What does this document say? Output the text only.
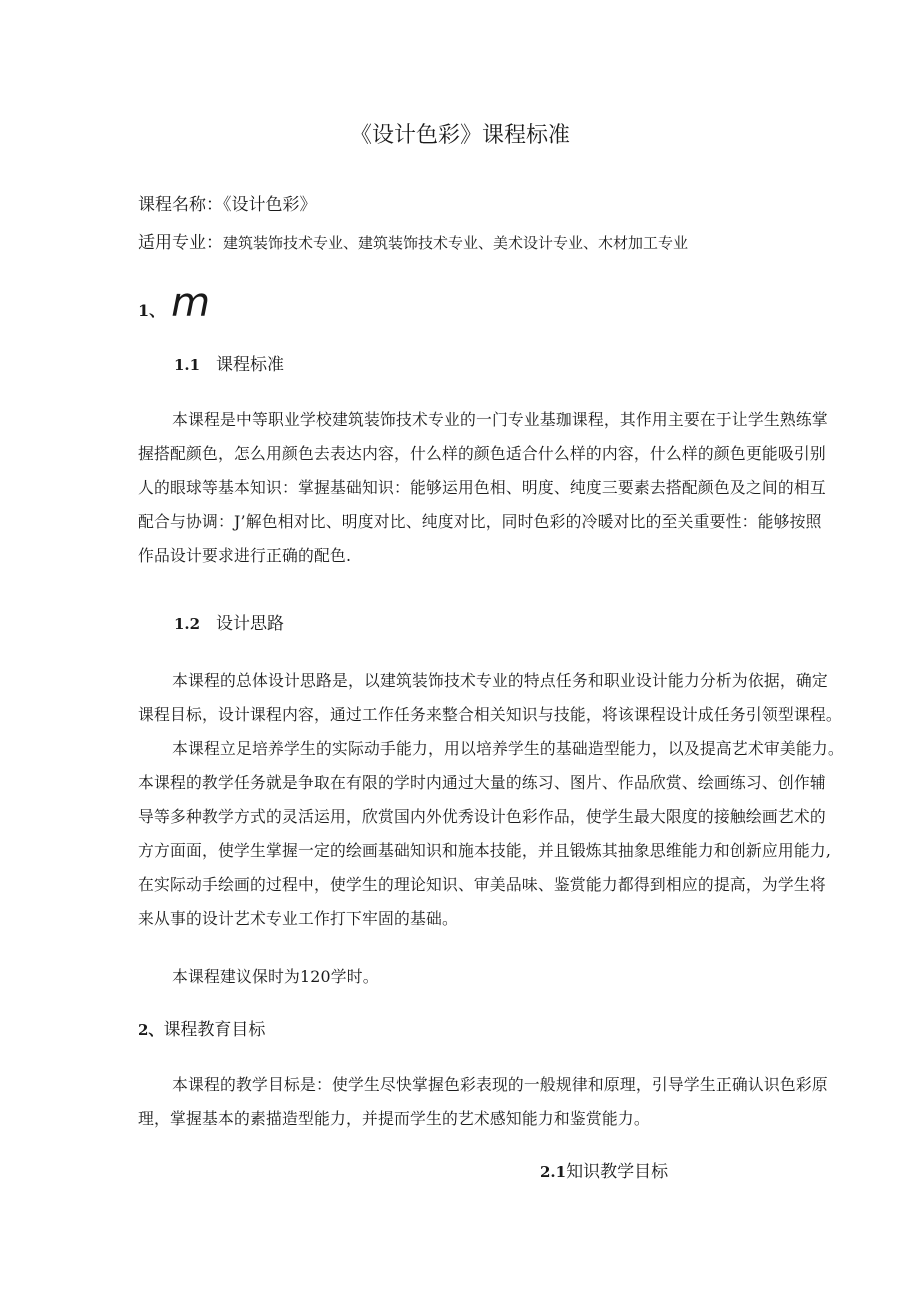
《设计色彩》课程标准
课程名称：《设计色彩》
适用专业：建筑装饰技术专业、建筑装饰技术专业、美术设计专业、木材加工专业
1、 m
1.1 课程标准
本课程是中等职业学校建筑装饰技术专业的一门专业基珈课程，其作用主要在于让学生熟练掌
握搭配颜色，怎么用颜色去表达内容，什么样的颜色适合什么样的内容，什么样的颜色更能吸引别
人的眼球等基本知识：掌握基础知识：能够运用色相、明度、纯度三要素去搭配颜色及之间的相互
配合与协调：J’解色相对比、明度对比、纯度对比，同时色彩的冷暖对比的至关重要性：能够按照
作品设计要求进行正确的配色.
1.2 设计思路
本课程的总体设计思路是，以建筑装饰技术专业的特点任务和职业设计能力分析为依据，确定
课程目标，设计课程内容，通过工作任务来整合相关知识与技能，将该课程设计成任务引领型课程。
本课程立足培养学生的实际动手能力，用以培养学生的基础造型能力，以及提高艺术审美能力。
本课程的教学任务就是争取在有限的学时内通过大量的练习、图片、作品欣赏、绘画练习、创作辅
导等多种教学方式的灵活运用，欣赏国内外优秀设计色彩作品，使学生最大限度的接触绘画艺术的
方方面面，使学生掌握一定的绘画基础知识和施本技能，并且锻炼其抽象思维能力和创新应用能力,
在实际动手绘画的过程中，使学生的理论知识、审美品味、鉴赏能力都得到相应的提高，为学生将
来从事的设计艺术专业工作打下牢固的基础。
本课程建议保时为120学时。
2、课程教育目标
本课程的教学目标是：使学生尽快掌握色彩表现的一般规律和原理，引导学生正确认识色彩原
理，掌握基本的素描造型能力，并提而学生的艺术感知能力和鉴赏能力。
2.1知识教学目标
